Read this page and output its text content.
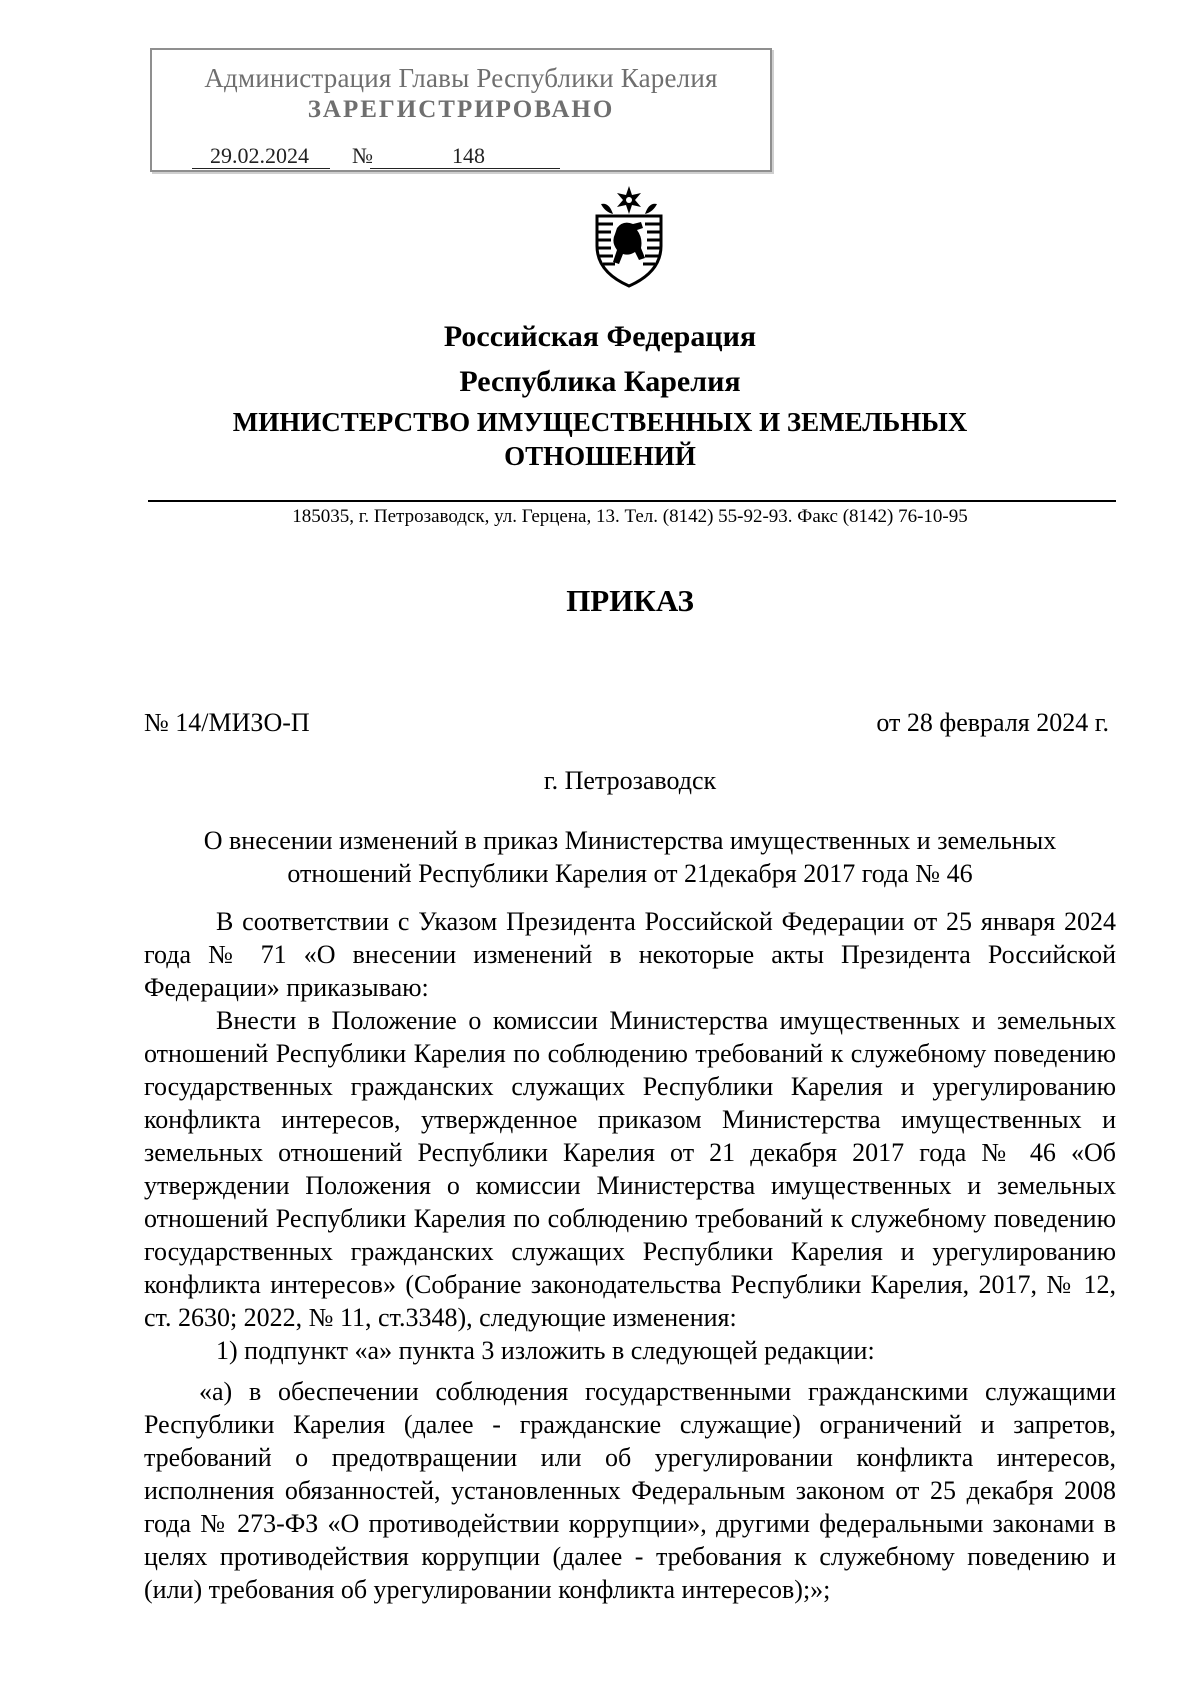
Администрация Главы Республики Карелия
ЗАРЕГИСТРИРОВАНО
29.02.2024 №	148
Российская Федерация
Республика Карелия
МИНИСТЕРСТВО ИМУЩЕСТВЕННЫХ И ЗЕМЕЛЬНЫХ
ОТНОШЕНИЙ
185035, г. Петрозаводск, ул. Герцена, 13. Тел. (8142) 55-92-93. Факс (8142) 76-10-95
ПРИКАЗ
№ 14/МИЗО-П	от 28 февраля 2024 г.
г. Петрозаводск
О внесении изменений в приказ Министерства имущественных и земельных
отношений Республики Карелия от 21декабря 2017 года № 46

В соответствии с Указом Президента Российской Федерации от 25 января 2024 года № 71 «О внесении изменений в некоторые акты Президента Российской Федерации» приказываю:

Внести в Положение о комиссии Министерства имущественных и земельных отношений Республики Карелия по соблюдению требований к служебному поведению государственных гражданских служащих Республики Карелия и урегулированию конфликта интересов, утвержденное приказом Министерства имущественных и земельных отношений Республики Карелия от 21 декабря 2017 года № 46 «Об утверждении Положения о комиссии Министерства имущественных и земельных отношений Республики Карелия по соблюдению требований к служебному поведению государственных гражданских служащих Республики Карелия и урегулированию конфликта интересов» (Собрание законодательства Республики Карелия, 2017, № 12, ст. 2630; 2022, № 11, ст.3348), следующие изменения:

1) подпункт «а» пункта 3 изложить в следующей редакции:

«а) в обеспечении соблюдения государственными гражданскими служащими Республики Карелия (далее - гражданские служащие) ограничений и запретов, требований о предотвращении или об урегулировании конфликта интересов, исполнения обязанностей, установленных Федеральным законом от 25 декабря 2008 года № 273-ФЗ «О противодействии коррупции», другими федеральными законами в целях противодействия коррупции (далее - требования к служебному поведению и (или) требования об урегулировании конфликта интересов);»;
